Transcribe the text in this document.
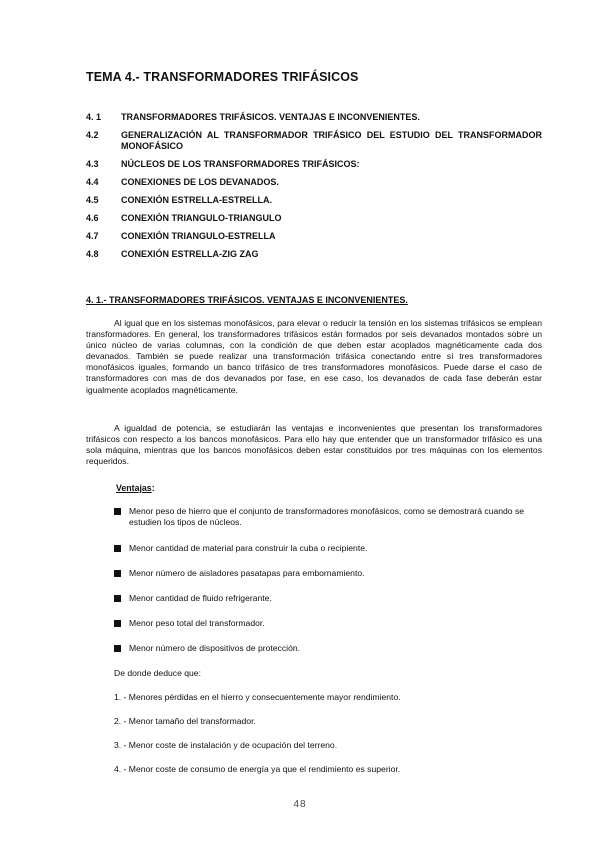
TEMA 4.- TRANSFORMADORES TRIFÁSICOS
4. 1	TRANSFORMADORES TRIFÁSICOS. VENTAJAS E INCONVENIENTES.
4.2	GENERALIZACIÓN AL TRANSFORMADOR TRIFÁSICO DEL ESTUDIO DEL TRANSFORMADOR MONOFÁSICO
4.3	NÚCLEOS DE LOS TRANSFORMADORES TRIFÁSICOS:
4.4	CONEXIONES DE LOS DEVANADOS.
4.5	CONEXIÓN ESTRELLA-ESTRELLA.
4.6	CONEXIÓN TRIANGULO-TRIANGULO
4.7	CONEXIÓN TRIANGULO-ESTRELLA
4.8	CONEXIÓN ESTRELLA-ZIG ZAG
4. 1.- TRANSFORMADORES TRIFÁSICOS. VENTAJAS E INCONVENIENTES.

Al igual que en los sistemas monofásicos, para elevar o reducir la tensión en los sistemas trifásicos se emplean transformadores. En general, los transformadores trifásicos están formados por seis devanados montados sobre un único núcleo de varias columnas, con la condición de que deben estar acoplados magnéticamente cada dos devanados. También se puede realizar una transformación trifásica conectando entre sí tres transformadores monofásicos iguales, formando un banco trifásico de tres transformadores monofásicos. Puede darse el caso de transformadores con mas de dos devanados por fase, en ese caso, los devanados de cada fase deberán estar igualmente acoplados magnéticamente.

A igualdad de potencia, se estudiarán las ventajas e inconvenientes que presentan los transformadores trifásicos con respecto a los bancos monofásicos. Para ello hay que entender que un transformador trifásico es una sola máquina, mientras que los bancos monofásicos deben estar constituidos por tres máquinas con los elementos requeridos.

Ventajas:
Menor peso de hierro que el conjunto de transformadores monofásicos, como se demostrará cuando se estudien los tipos de núcleos.
Menor cantidad de material para construir la cuba o recipiente.
Menor número de aisladores pasatapas para embornamiento.
Menor cantidad de fluido refrigerante.
Menor peso total del transformador.
Menor número de dispositivos de protección.
De donde deduce que:
1. - Menores pérdidas en el hierro y consecuentemente mayor rendimiento.
2. - Menor tamaño del transformador.
3. - Menor coste de instalación y de ocupación del terreno.
4. - Menor coste de consumo de energía ya que el rendimiento es superior.
48
